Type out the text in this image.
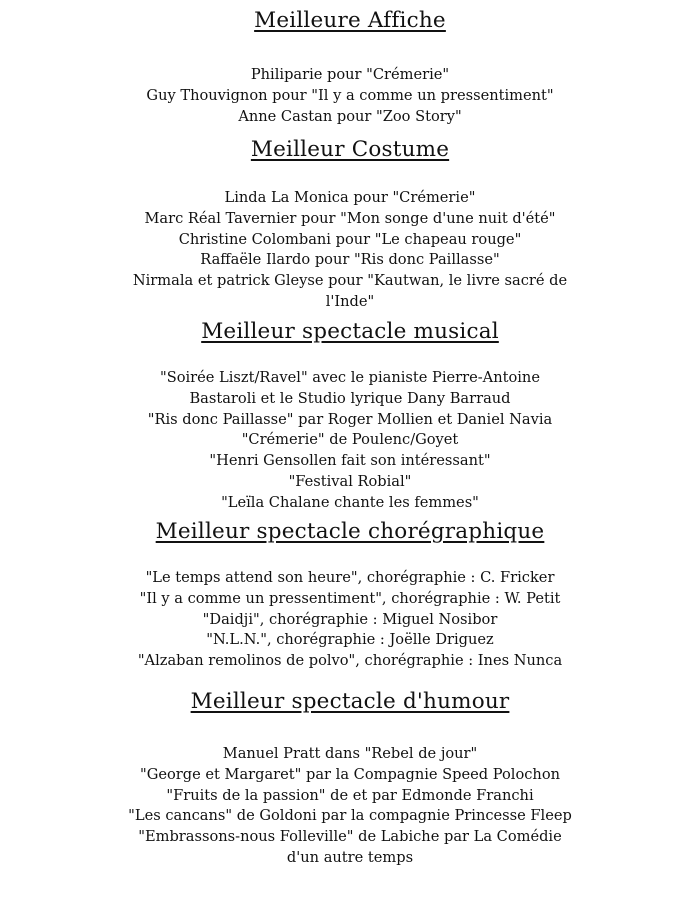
Meilleure Affiche
Philiparie pour "Crémerie"
Guy Thouvignon pour "Il y a comme un pressentiment"
Anne Castan pour "Zoo Story"
Meilleur Costume
Linda La Monica pour "Crémerie"
Marc Réal Tavernier pour "Mon songe d'une nuit d'été"
Christine Colombani pour "Le chapeau rouge"
Raffaële Ilardo pour "Ris donc Paillasse"
Nirmala et patrick Gleyse pour "Kautwan, le livre sacré de
l'Inde"
Meilleur spectacle musical
"Soirée Liszt/Ravel" avec le pianiste Pierre-Antoine
Bastaroli et le Studio lyrique Dany Barraud
"Ris donc Paillasse" par Roger Mollien et Daniel Navia
"Crémerie" de Poulenc/Goyet
"Henri Gensollen fait son intéressant"
"Festival Robial"
"Leïla Chalane chante les femmes"
Meilleur spectacle chorégraphique
"Le temps attend son heure", chorégraphie : C. Fricker
"Il y a comme un pressentiment", chorégraphie : W. Petit
"Daidji", chorégraphie : Miguel Nosibor
"N.L.N.", chorégraphie : Joëlle Driguez
"Alzaban remolinos de polvo", chorégraphie : Ines Nunca
Meilleur spectacle d'humour
Manuel Pratt dans "Rebel de jour"
"George et Margaret" par la Compagnie Speed Polochon
"Fruits de la passion" de et par Edmonde Franchi
"Les cancans" de Goldoni par la compagnie Princesse Fleep
"Embrassons-nous Folleville" de Labiche par La Comédie
d'un autre temps
